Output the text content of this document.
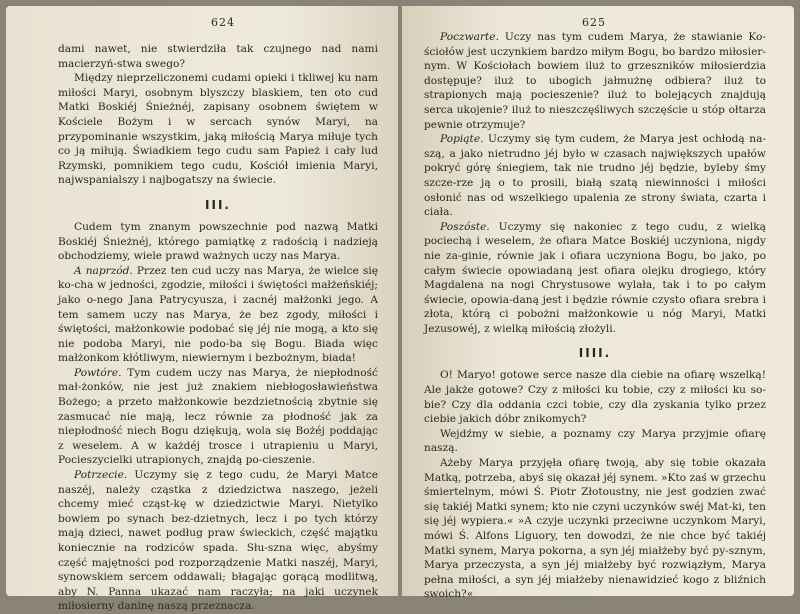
624

dami nawet, nie stwierdziła tak czujnego nad nami macierzyń-stwa swego?

Między nieprzeliczonemi cudami opieki i tkliwej ku nam miłości Maryi, osobnym blyszczy blaskiem, ten oto cud Matki Boskiéj Śnieżnéj, zapisany osobnem świętem w Kościele Bożym i w sercach synów Maryi, na przypominanie wszystkim, jaką miłością Marya miłuje tych co ją miłują. Świadkiem tego cudu sam Papież i cały lud Rzymski, pomnikiem tego cudu, Kościół imienia Maryi, najwspanialszy i najbogatszy na świecie.

III.

Cudem tym znanym powszechnie pod nazwą Matki Boskiéj Śnieżnéj, którego pamiątkę z radością i nadzieją obchodziemy, wiele prawd ważnych uczy nas Marya.

A naprzód. Przez ten cud uczy nas Marya, że wielce się ko-cha w jedności, zgodzie, miłości i świętości małżeńskiéj; jako o-nego Jana Patrycyusza, i zacnéj małżonki jego. A tem samem uczy nas Marya, że bez zgody, miłości i świętości, małżonkowie podobać się jéj nie mogą, a kto się nie podoba Maryi, nie podo-ba się Bogu. Biada więc małżonkom kłótliwym, niewiernym i bezbożnym, biada!

Powtóre. Tym cudem uczy nas Marya, że niepłodność mał-żonków, nie jest już znakiem niebłogosławieństwa Bożego; a przeto małżonkowie bezdzietnością zbytnie się zasmucać nie mają, lecz równie za płodność jak za niepłodność niech Bogu dziękują, wola się Bożéj poddając z weselem. A w każdéj trosce i utrapieniu u Maryi, Pocieszycielki utrapionych, znajdą po-cieszenie.

Potrzecie. Uczymy się z tego cudu, że Maryi Matce naszéj, należy cząstka z dziedzictwa naszego, jeżeli chcemy mieć cząst-kę w dziedzictwie Maryi. Nietylko bowiem po synach bez-dzietnych, lecz i po tych którzy mają dzieci, nawet podług praw świeckich, część majątku koniecznie na rodziców spada. Słu-szna więc, abyśmy część majętności pod rozporządzenie Matki naszéj, Maryi, synowskiem sercem oddawali; błagając gorącą modlitwą, aby N. Panna ukazać nam raczyła; na jaki uczynek miłosierny daninę naszą przeznacza.

625

Poczwarte. Uczy nas tym cudem Marya, że stawianie Ko-ściołów jest uczynkiem bardzo miłym Bogu, bo bardzo miłosier-nym. W Kościołach bowiem iluż to grzeszników miłosierdzia dostępuje? iluż to ubogich jałmużnę odbiera? iluż to strapionych mają pocieszenie? iluż to bolejących znajdują serca ukojenie? iluż to nieszczęśliwych szczęście u stóp ołtarza pewnie otrzymuje?

Popiąte. Uczymy się tym cudem, że Marya jest ochłodą na-szą, a jako nietrudno jéj było w czasach największych upałów pokryć górę śniegiem, tak nie trudno jéj będzie, byleby śmy szcze-rze ją o to prosili, białą szatą niewinności i miłości osłonić nas od wszelkiego upalenia ze strony świata, czarta i ciała.

Poszóste. Uczymy się nakoniec z tego cudu, z wielką pociechą i weselem, że ofiara Matce Boskiéj uczyniona, nigdy nie za-ginie, równie jak i ofiara uczyniona Bogu, bo jako, po całym świecie opowiadaną jest ofiara olejku drogiego, który Magdalena na nogi Chrystusowe wylała, tak i to po całym świecie, opowia-daną jest i będzie równie czysto ofiara srebra i złota, którą ci pobożni małżonkowie u nóg Maryi, Matki Jezusowéj, z wielką miłością złożyli.

IIII.

O! Maryo! gotowe serce nasze dla ciebie na ofiarę wszelką! Ale jakże gotowe? Czy z miłości ku tobie, czy z miłości ku so-bie? Czy dla oddania czci tobie, czy dla zyskania tylko przez ciebie jakich dóbr znikomych?

Wejdźmy w siebie, a poznamy czy Marya przyjmie ofiarę naszą.

Ażeby Marya przyjęła ofiarę twoją, aby się tobie okazała Matką, potrzeba, abyś się okazał jéj synem. »Kto zaś w grzechu śmiertelnym, mówi Ś. Piotr Złotoustny, nie jest godzien zwać się takiéj Matki synem; kto nie czyni uczynków swéj Mat-ki, ten się jéj wypiera.« »A czyje uczynki przeciwne uczynkom Maryi, mówi Ś. Alfons Liguory, ten dowodzi, że nie chce być takiéj Matki synem, Marya pokorna, a syn jéj miałżeby być py-sznym, Marya przeczysta, a syn jéj miałżeby być rozwiązłym, Marya pełna miłości, a syn jéj miałżeby nienawidzieć kogo z bliźnich swoich?«
